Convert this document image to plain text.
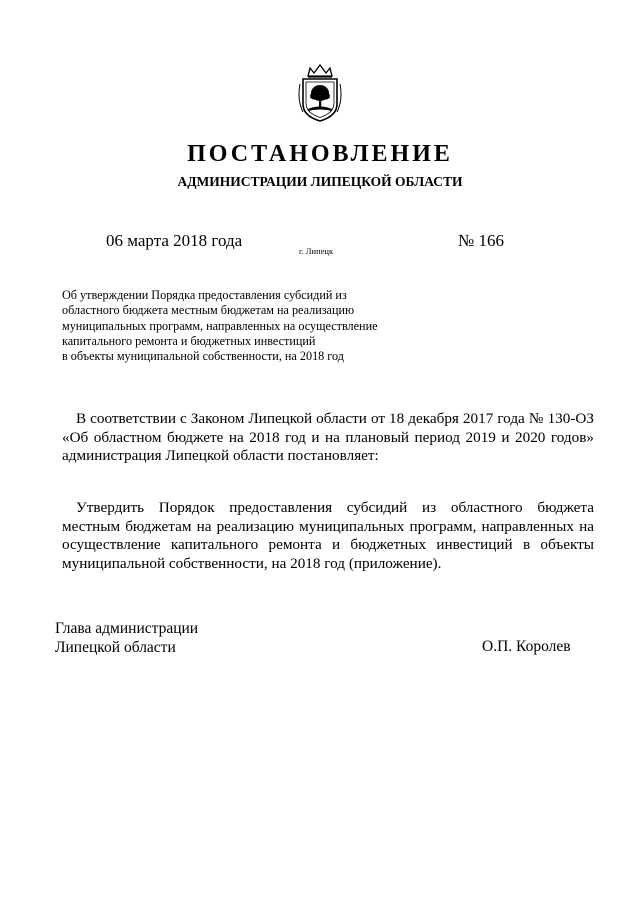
ПОСТАНОВЛЕНИЕ
АДМИНИСТРАЦИИ ЛИПЕЦКОЙ ОБЛАСТИ
06 марта 2018 года
г. Липецк
№ 166
Об утверждении Порядка предоставления субсидий из
областного бюджета местным бюджетам на реализацию
муниципальных программ, направленных на осуществление
капитального ремонта и бюджетных инвестиций
в объекты муниципальной собственности, на 2018 год
В соответствии с Законом Липецкой области от 18 декабря 2017 года № 130-ОЗ
«Об областном бюджете на 2018 год и на плановый период 2019 и 2020 годов»
администрация Липецкой области постановляет:
Утвердить Порядок предоставления субсидий из областного бюджета
местным бюджетам на реализацию муниципальных программ, направленных на
осуществление капитального ремонта и бюджетных инвестиций в объекты
муниципальной собственности, на 2018 год (приложение).
Глава администрации
Липецкой области	О.П. Королев
